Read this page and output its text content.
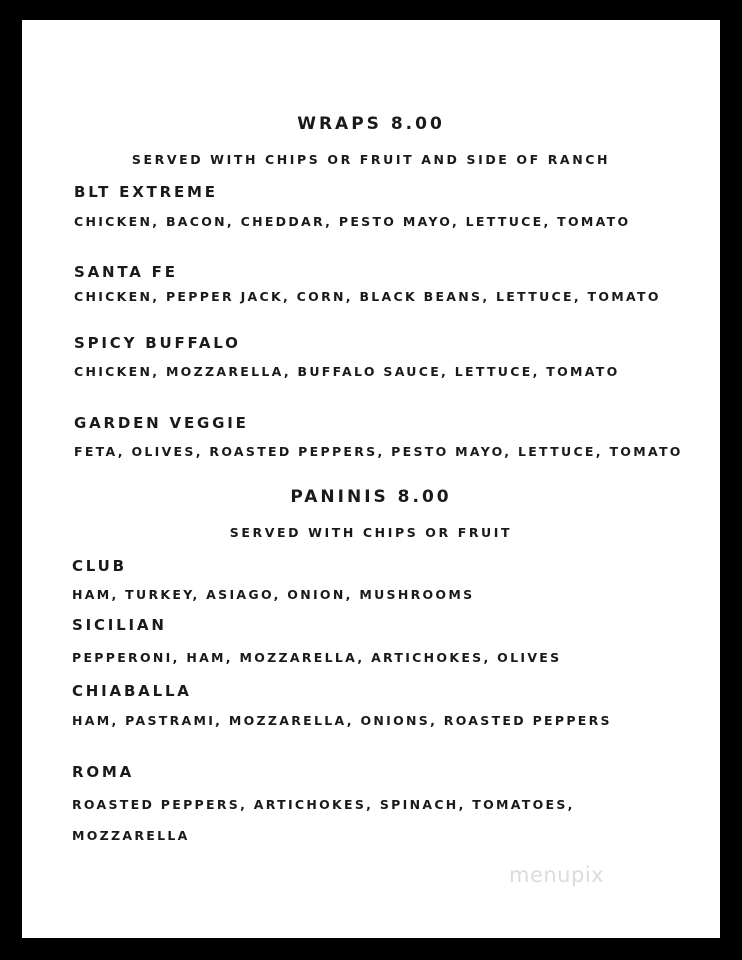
WRAPS 8.00

SERVED WITH CHIPS OR FRUIT AND SIDE OF RANCH

BLT EXTREME

CHICKEN, BACON, CHEDDAR, PESTO MAYO, LETTUCE, TOMATO

SANTA FE

CHICKEN, PEPPER JACK, CORN, BLACK BEANS, LETTUCE, TOMATO

SPICY BUFFALO

CHICKEN, MOZZARELLA, BUFFALO SAUCE, LETTUCE, TOMATO

GARDEN VEGGIE

FETA, OLIVES, ROASTED PEPPERS, PESTO MAYO, LETTUCE, TOMATO

PANINIS 8.00

SERVED WITH CHIPS OR FRUIT

CLUB

HAM, TURKEY, ASIAGO, ONION, MUSHROOMS

SICILIAN

PEPPERONI, HAM, MOZZARELLA, ARTICHOKES, OLIVES

CHIABALLA

HAM, PASTRAMI, MOZZARELLA, ONIONS, ROASTED PEPPERS

ROMA

ROASTED PEPPERS, ARTICHOKES, SPINACH, TOMATOES,

MOZZARELLA

menupix
